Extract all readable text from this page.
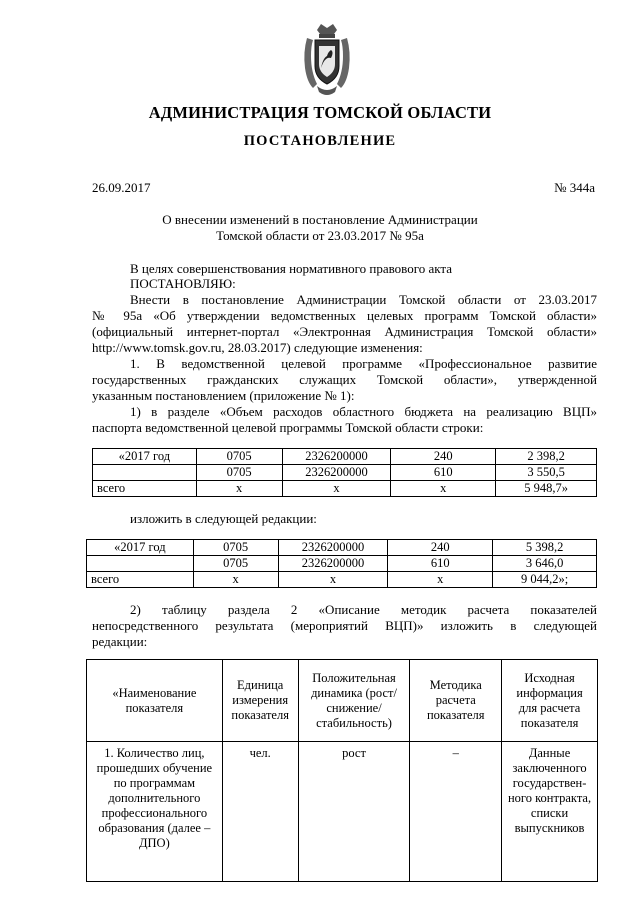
АДМИНИСТРАЦИЯ ТОМСКОЙ ОБЛАСТИ
ПОСТАНОВЛЕНИЕ
26.09.2017	№ 344а
О внесении изменений в постановление Администрации
Томской области от 23.03.2017 № 95а
В целях совершенствования нормативного правового акта
ПОСТАНОВЛЯЮ:
Внести в постановление Администрации Томской области от 23.03.2017
№ 95а «Об утверждении ведомственных целевых программ Томской области»
(официальный интернет-портал «Электронная Администрация Томской области»
http://www.tomsk.gov.ru, 28.03.2017) следующие изменения:
1. В ведомственной целевой программе «Профессиональное развитие
государственных гражданских служащих Томской области», утвержденной
указанным постановлением (приложение № 1):
1) в разделе «Объем расходов областного бюджета на реализацию ВЦП»
паспорта ведомственной целевой программы Томской области строки:
«2017 год	0705	2326200000	240	2 398,2
	0705	2326200000	610	3 550,5
всего	х	х	х	5 948,7»
изложить в следующей редакции:
«2017 год	0705	2326200000	240	5 398,2
	0705	2326200000	610	3 646,0
всего	х	х	х	9 044,2»;
2) таблицу раздела 2 «Описание методик расчета показателей
непосредственного результата (мероприятий ВЦП)» изложить в следующей
редакции:
«Наименование показателя	Единица измерения показателя	Положительная динамика (рост/снижение/ стабильность)	Методика расчета показателя	Исходная информация для расчета показателя
1. Количество лиц, прошедших обучение по программам дополнительного профессионального образования (далее – ДПО)	чел.	рост	–	Данные заключенного государствен-ного контракта, списки выпускников
